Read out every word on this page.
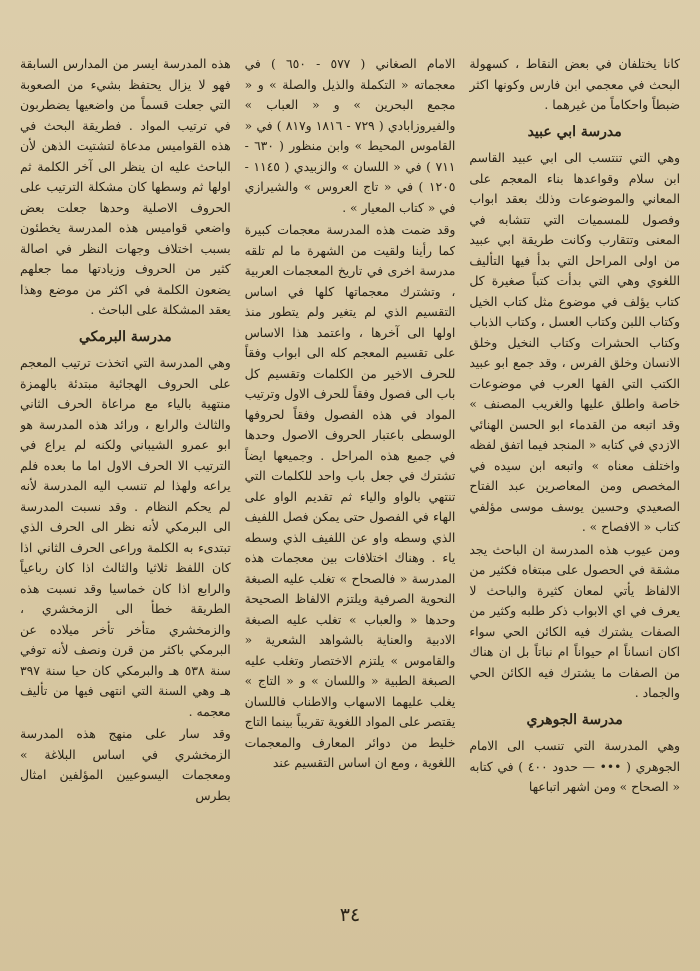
كانا يختلفان في بعض النقاط ، كسهولة البحث في معجمي ابن فارس وكونها اكثر ضبطاً واحكاماً من غيرهما .

مدرسة ابي عبيد

وهي التي تنتسب الى ابي عبيد القاسم ابن سلام وقواعدها بناء المعجم على المعاني والموضوعات وذلك بعقد ابواب وفصول للمسميات التي تتشابه في المعنى وتتقارب وكانت طريقة ابي عبيد من اولى المراحل التي بدأ فيها التأليف اللغوي وهي التي بدأت كتباً صغيرة كل كتاب يؤلف في موضوع مثل كتاب الخيل وكتاب اللبن وكتاب العسل ، وكتاب الذباب وكتاب الحشرات وكتاب النخيل وخلق الانسان وخلق الفرس ، وقد جمع ابو عبيد الكتب التي الفها العرب في موضوعات خاصة واطلق عليها والغريب المصنف » وقد اتبعه من القدماء ابو الحسن الهنائي الازدي في كتابه « المنجد فيما اتفق لفظه واختلف معناه » واتبعه ابن سيده في المخصص ومن المعاصرين عبد الفتاح الصعيدي وحسين يوسف موسى مؤلفي كتاب « الافصاح » .

ومن عيوب هذه المدرسة ان الباحث يجد مشقة في الحصول على مبتغاه فكثير من الالفاظ يأتي لمعان كثيرة والباحث لا يعرف في اي الابواب ذكر طلبه وكثير من الصفات يشترك فيه الكائن الحي سواء اكان انساناً ام حيواناً ام نباتاً بل ان هناك من الصفات ما يشترك فيه الكائن الحي والجماد .

مدرسة الجوهري

وهي المدرسة التي تنسب الى الامام الجوهري ( ••• — حدود ٤٠٠ ) في كتابه « الصحاح » ومن اشهر اتباعها

الامام الصغاني ( ٥٧٧ - ٦٥٠ ) في معجماته « التكملة والذيل والصلة » و « مجمع البحرين » و « العباب » والفيروزابادي ( ٧٢٩ - ١٨١٦ و٨١٧ ) في « القاموس المحيط » وابن منظور ( ٦٣٠ - ٧١١ ) في « اللسان » والزبيدي ( ١١٤٥ - ١٢٠٥ ) في « تاج العروس » والشيرازي في « كتاب المعيار » .

وقد ضمت هذه المدرسة معجمات كبيرة كما رأينا ولقيت من الشهرة ما لم تلقه مدرسة اخرى في تاريخ المعجمات العربية ، وتشترك معجماتها كلها في اساس التقسيم الذي لم يتغير ولم يتطور منذ اولها الى آخرها ، واعتمد هذا الاساس على تقسيم المعجم كله الى ابواب وفقاً للحرف الاخير من الكلمات وتقسيم كل باب الى فصول وفقاً للحرف الاول وترتيب المواد في هذه الفصول وفقاً لحروفها الوسطى باعتبار الحروف الاصول وحدها في جميع هذه المراحل . وجميعها ايضاً تشترك في جعل باب واحد للكلمات التي تنتهي بالواو والياء ثم تقديم الواو على الهاء في الفصول حتى يمكن فصل اللفيف الذي وسطه واو عن اللفيف الذي وسطه ياء . وهناك اختلافات بين معجمات هذه المدرسة « فالصحاح » تغلب عليه الصبغة النحوية الصرفية ويلتزم الالفاظ الصحيحة وحدها « والعباب » تغلب عليه الصبغة الادبية والعناية بالشواهد الشعرية « والقاموس » يلتزم الاختصار وتغلب عليه الصبغة الطبية « واللسان » و « التاج » يغلب عليهما الاسهاب والاطناب فاللسان يقتصر على المواد اللغوية تقريباً بينما التاج خليط من دوائر المعارف والمعجمات اللغوية ، ومع ان اساس التقسيم عند

هذه المدرسة ايسر من المدارس السابقة فهو لا يزال يحتفظ بشيء من الصعوبة التي جعلت قسماً من واضعيها يضطربون في ترتيب المواد . فطريقة البحث في هذه القواميس مدعاة لتشتيت الذهن لأن الباحث عليه ان ينظر الى آخر الكلمة ثم اولها ثم وسطها كان مشكلة الترتيب على الحروف الاصلية وحدها جعلت بعض واضعي قواميس هذه المدرسة يخطئون بسبب اختلاف وجهات النظر في اصالة كثير من الحروف وزيادتها مما جعلهم يضعون الكلمة في اكثر من موضع وهذا يعقد المشكلة على الباحث .

مدرسة البرمكي

وهي المدرسة التي اتخذت ترتيب المعجم على الحروف الهجائية مبتدئة بالهمزة منتهية بالياء مع مراعاة الحرف الثاني والثالث والرابع ، ورائد هذه المدرسة هو ابو عمرو الشيباني ولكنه لم يراع في الترتيب الا الحرف الاول اما ما بعده فلم يراعه ولهذا لم تنسب اليه المدرسة لأنه لم يحكم النظام . وقد نسبت المدرسة الى البرمكي لأنه نظر الى الحرف الذي تبتدىء به الكلمة وراعى الحرف الثاني اذا كان اللفظ ثلاثيا والثالث اذا كان رباعياً والرابع اذا كان خماسيا وقد نسبت هذه الطريقة خطأ الى الزمخشري ، والزمخشري متأخر تأخر ميلاده عن البرمكي باكثر من قرن ونصف لأنه توفي سنة ٥٣٨ هـ والبرمكي كان حيا سنة ٣٩٧ هـ وهي السنة التي انتهى فيها من تأليف معجمه .

وقد سار على منهج هذه المدرسة الزمخشري في اساس البلاغة » ومعجمات اليسوعيين المؤلفين امثال بطرس

٣٤
